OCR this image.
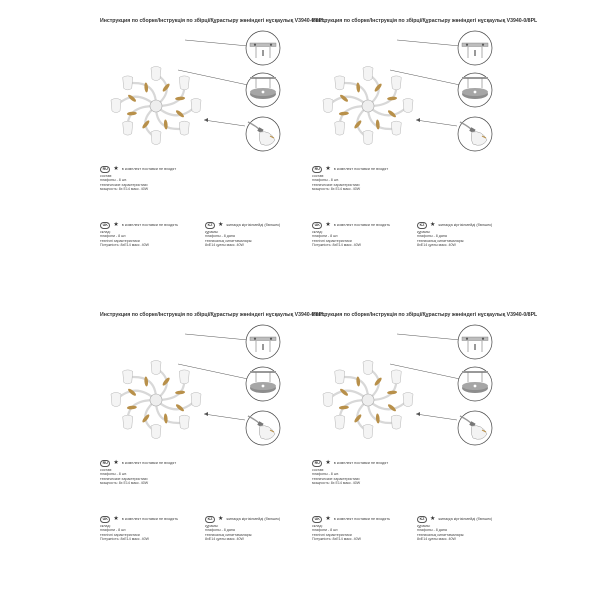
Инструкция по сборке/Інструкція по збірці/Құрастыру жөніндегі нұсқаулық V3940-0/8PL
RU ★ в комплект поставки не входят
состав:
плафоны - 8 шт.
технические характеристики
мощность: 8х E14 макс. 40W
UK ★ в комплект поставки не входять
склад:
плафони - 8 шт.
технічні характеристики
Потужність: 8хE14 макс. 40W
KZ ★ жинаққа кіргізілмейді (бөлшек)
құрамы:
плафоны - 8 дана
техникалық сипаттамалары:
8xE14 қуаты макс. 40W
Инструкция по сборке/Інструкція по збірці/Құрастыру жөніндегі нұсқаулық V3940-0/8PL
RU ★ в комплект поставки не входят
состав:
плафоны - 8 шт.
технические характеристики
мощность: 8х E14 макс. 40W
UK ★ в комплект поставки не входять
склад:
плафони - 8 шт.
технічні характеристики
Потужність: 8хE14 макс. 40W
KZ ★ жинаққа кіргізілмейді (бөлшек)
құрамы:
плафоны - 8 дана
техникалық сипаттамалары:
8xE14 қуаты макс. 40W
Инструкция по сборке/Інструкція по збірці/Құрастыру жөніндегі нұсқаулық V3940-0/8PL
RU ★ в комплект поставки не входят
состав:
плафоны - 8 шт.
технические характеристики
мощность: 8х E14 макс. 40W
UK ★ в комплект поставки не входять
склад:
плафони - 8 шт.
технічні характеристики
Потужність: 8хE14 макс. 40W
KZ ★ жинаққа кіргізілмейді (бөлшек)
құрамы:
плафоны - 8 дана
техникалық сипаттамалары:
8xE14 қуаты макс. 40W
Инструкция по сборке/Інструкція по збірці/Құрастыру жөніндегі нұсқаулық V3940-0/8PL
RU ★ в комплект поставки не входят
состав:
плафоны - 8 шт.
технические характеристики
мощность: 8х E14 макс. 40W
UK ★ в комплект поставки не входять
склад:
плафони - 8 шт.
технічні характеристики
Потужність: 8хE14 макс. 40W
KZ ★ жинаққа кіргізілмейді (бөлшек)
құрамы:
плафоны - 8 дана
техникалық сипаттамалары:
8xE14 қуаты макс. 40W
